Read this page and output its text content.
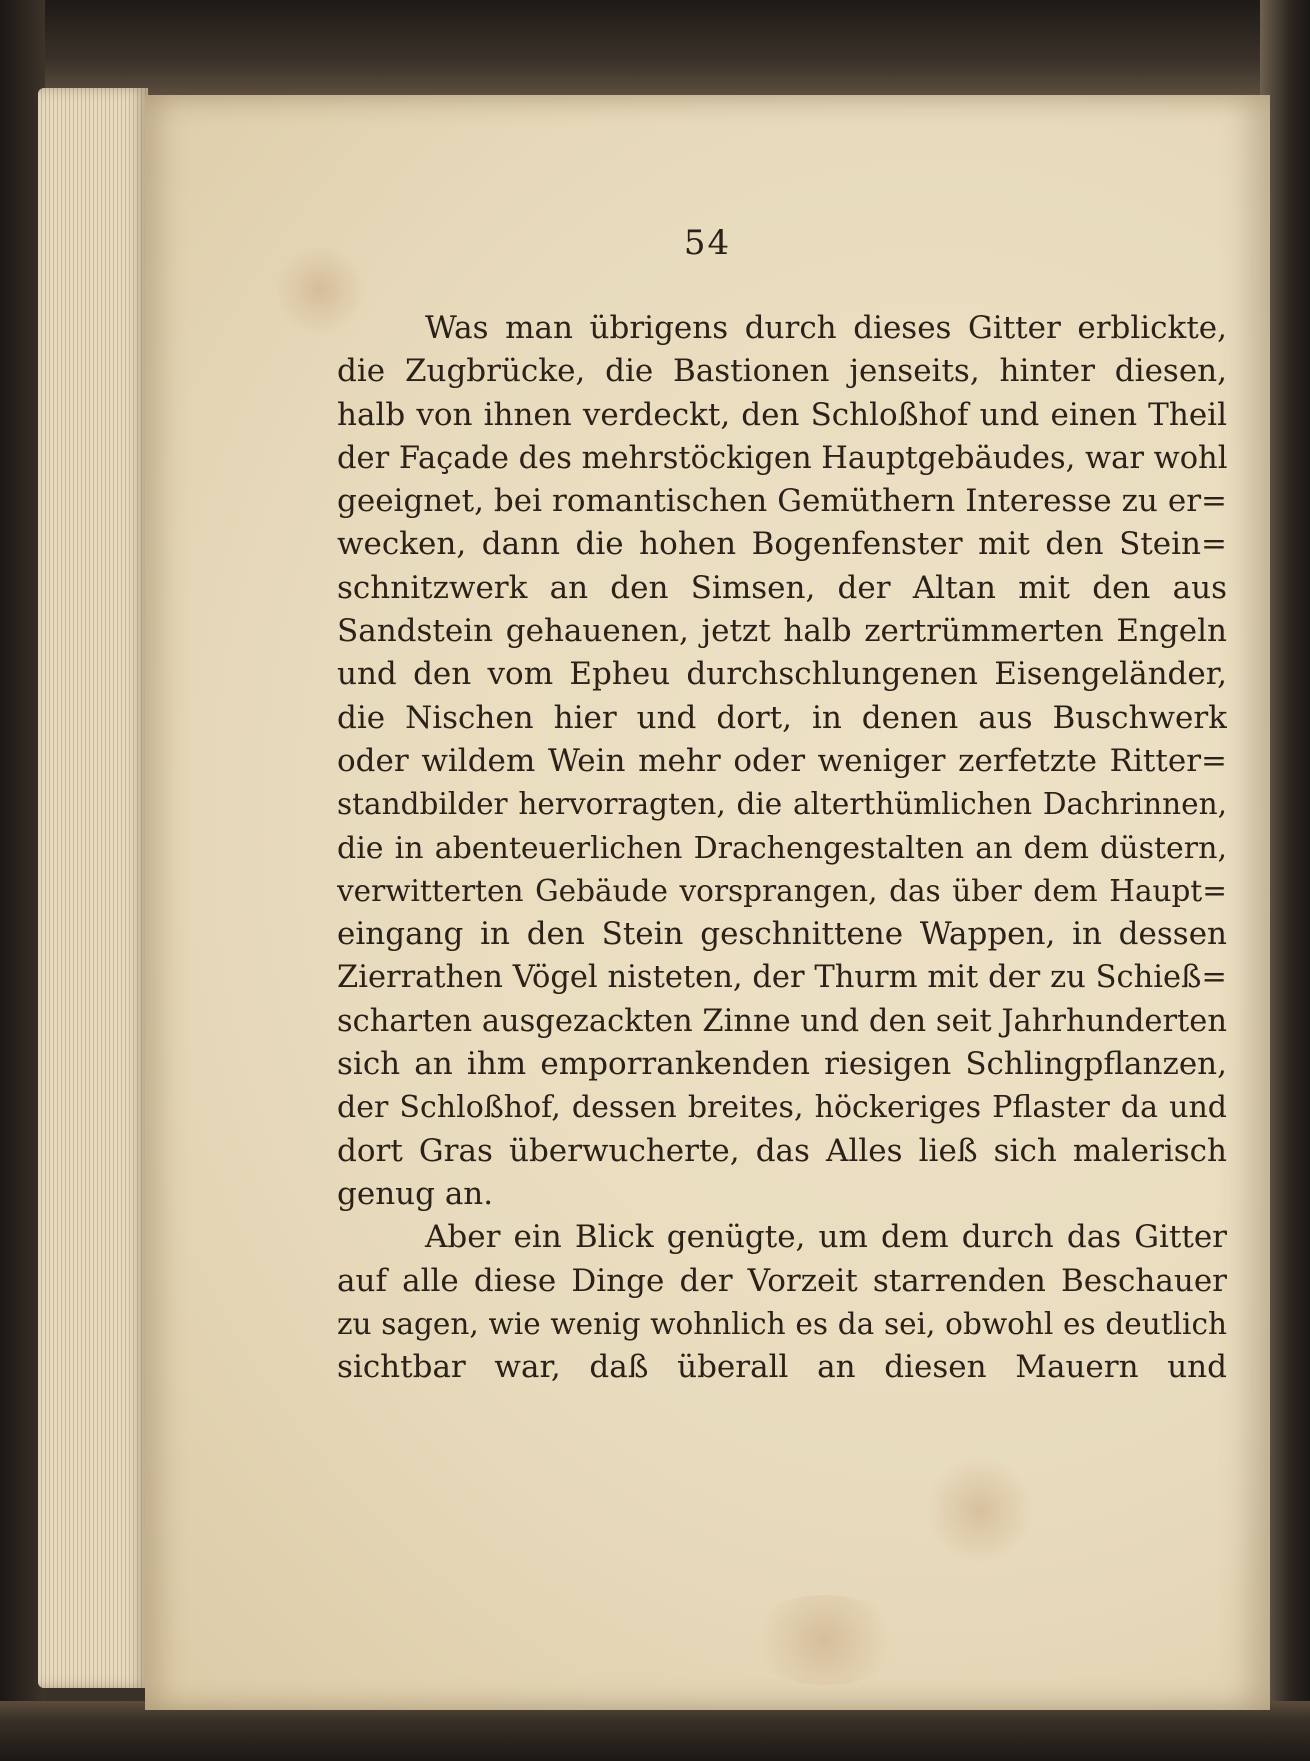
54
Was man übrigens durch dieses Gitter erblickte,
die Zugbrücke, die Bastionen jenseits, hinter diesen,
halb von ihnen verdeckt, den Schloßhof und einen Theil
der Façade des mehrstöckigen Hauptgebäudes, war wohl
geeignet, bei romantischen Gemüthern Interesse zu er=
wecken, dann die hohen Bogenfenster mit den Stein=
schnitzwerk an den Simsen, der Altan mit den aus
Sandstein gehauenen, jetzt halb zertrümmerten Engeln
und den vom Epheu durchschlungenen Eisengeländer,
die Nischen hier und dort, in denen aus Buschwerk
oder wildem Wein mehr oder weniger zerfetzte Ritter=
standbilder hervorragten, die alterthümlichen Dachrinnen,
die in abenteuerlichen Drachengestalten an dem düstern,
verwitterten Gebäude vorsprangen, das über dem Haupt=
eingang in den Stein geschnittene Wappen, in dessen
Zierrathen Vögel nisteten, der Thurm mit der zu Schieß=
scharten ausgezackten Zinne und den seit Jahrhunderten
sich an ihm emporrankenden riesigen Schlingpflanzen,
der Schloßhof, dessen breites, höckeriges Pflaster da und
dort Gras überwucherte, das Alles ließ sich malerisch
genug an.
Aber ein Blick genügte, um dem durch das Gitter
auf alle diese Dinge der Vorzeit starrenden Beschauer
zu sagen, wie wenig wohnlich es da sei, obwohl es deutlich
sichtbar war, daß überall an diesen Mauern und
